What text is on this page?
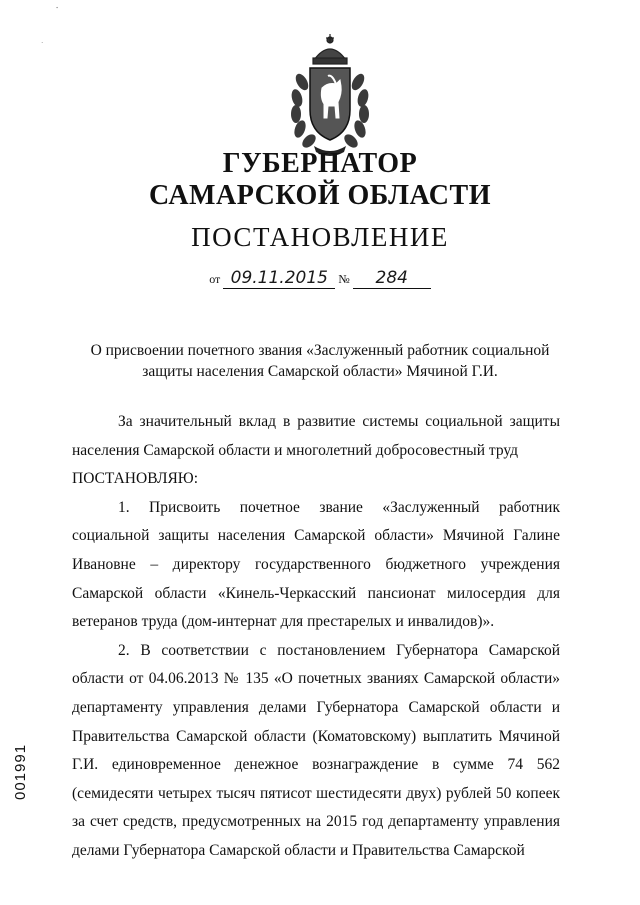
ꞏ
·
ГУБЕРНАТОР
САМАРСКОЙ ОБЛАСТИ
ПОСТАНОВЛЕНИЕ
от 09.11.2015 № 284
О присвоении почетного звания «Заслуженный работник социальной
защиты населения Самарской области» Мячиной Г.И.

За значительный вклад в развитие системы социальной защиты населения Самарской области и многолетний добросовестный труд

ПОСТАНОВЛЯЮ:

1. Присвоить почетное звание «Заслуженный работник социальной защиты населения Самарской области» Мячиной Галине Ивановне – директору государственного бюджетного учреждения Самарской области «Кинель-Черкасский пансионат милосердия для ветеранов труда (дом-интернат для престарелых и инвалидов)».

2. В соответствии с постановлением Губернатора Самарской области от 04.06.2013 № 135 «О почетных званиях Самарской области» департаменту управления делами Губернатора Самарской области и Правительства Самарской области (Коматовскому) выплатить Мячиной Г.И. единовременное денежное вознаграждение в сумме 74 562 (семидесяти четырех тысяч пятисот шестидесяти двух) рублей 50 копеек за счет средств, предусмотренных на 2015 год департаменту управления делами Губернатора Самарской области и Правительства Самарской

001991
